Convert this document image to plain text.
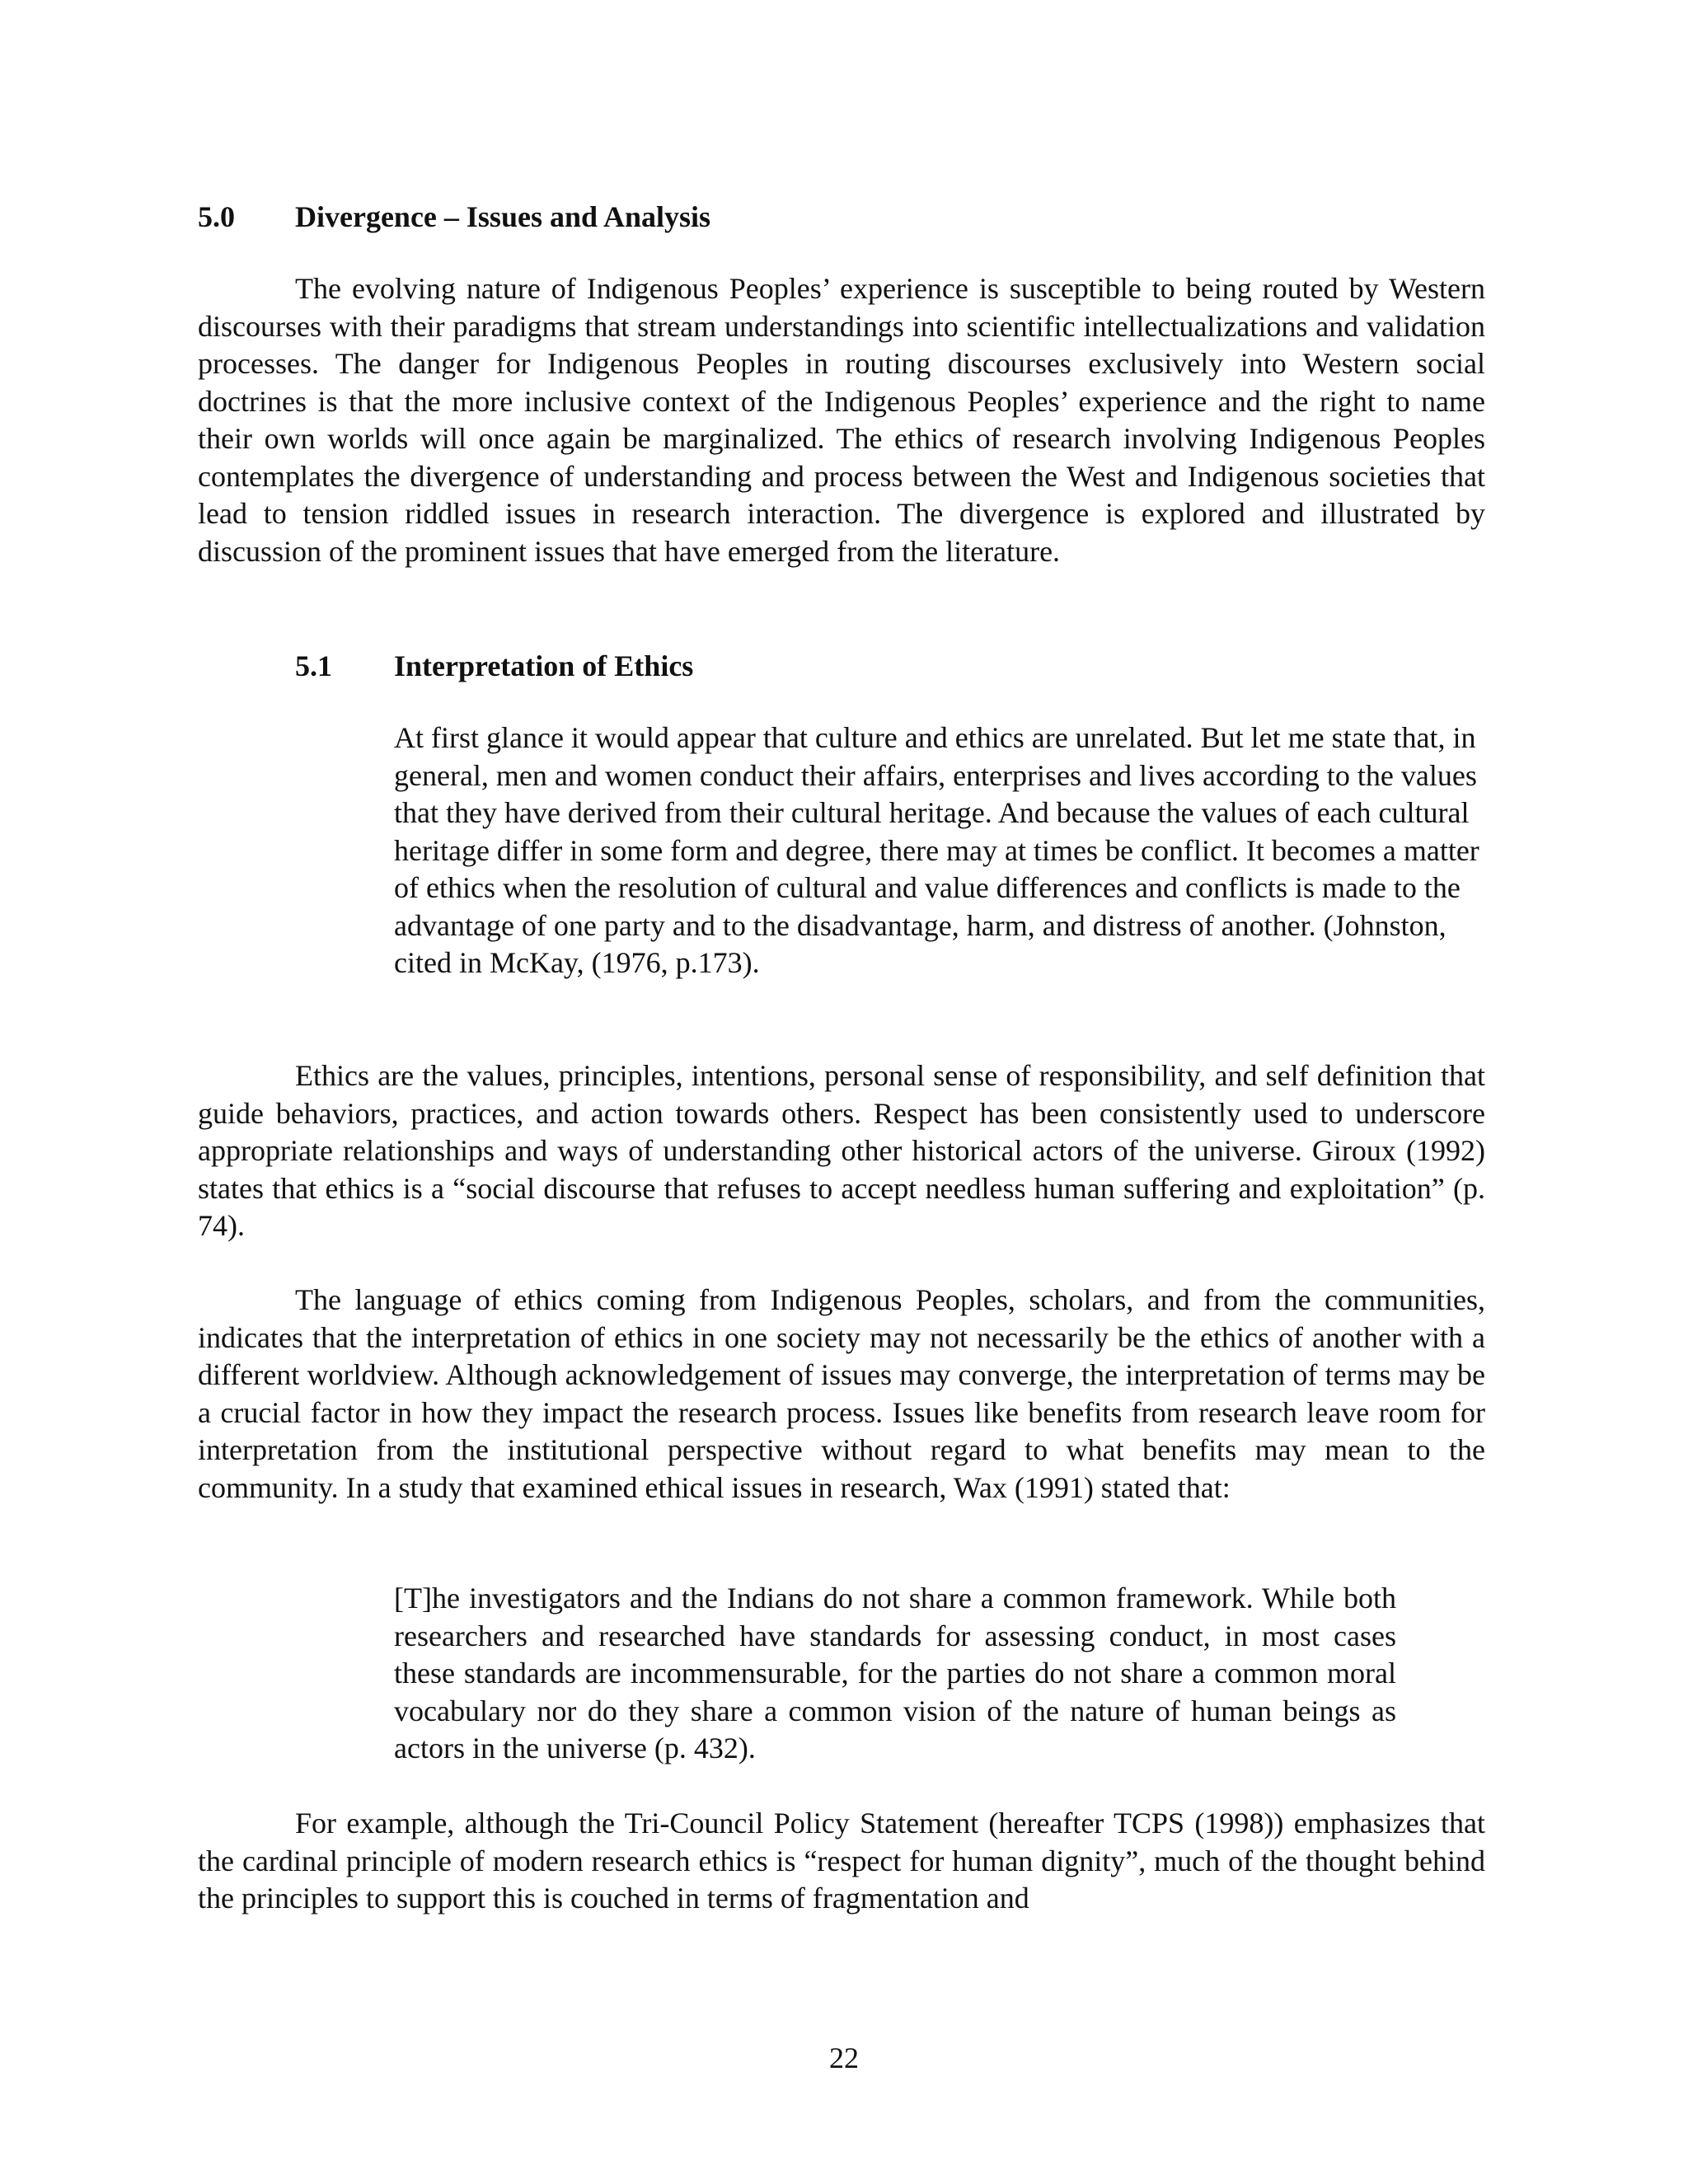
5.0 Divergence – Issues and Analysis

The evolving nature of Indigenous Peoples’ experience is susceptible to being routed by Western discourses with their paradigms that stream understandings into scientific intellectualizations and validation processes. The danger for Indigenous Peoples in routing discourses exclusively into Western social doctrines is that the more inclusive context of the Indigenous Peoples’ experience and the right to name their own worlds will once again be marginalized. The ethics of research involving Indigenous Peoples contemplates the divergence of understanding and process between the West and Indigenous societies that lead to tension riddled issues in research interaction. The divergence is explored and illustrated by discussion of the prominent issues that have emerged from the literature.

5.1 Interpretation of Ethics

At first glance it would appear that culture and ethics are unrelated. But let me state that, in general, men and women conduct their affairs, enterprises and lives according to the values that they have derived from their cultural heritage. And because the values of each cultural heritage differ in some form and degree, there may at times be conflict. It becomes a matter of ethics when the resolution of cultural and value differences and conflicts is made to the advantage of one party and to the disadvantage, harm, and distress of another. (Johnston, cited in McKay, (1976, p.173).

Ethics are the values, principles, intentions, personal sense of responsibility, and self definition that guide behaviors, practices, and action towards others. Respect has been consistently used to underscore appropriate relationships and ways of understanding other historical actors of the universe. Giroux (1992) states that ethics is a “social discourse that refuses to accept needless human suffering and exploitation” (p. 74).

The language of ethics coming from Indigenous Peoples, scholars, and from the communities, indicates that the interpretation of ethics in one society may not necessarily be the ethics of another with a different worldview. Although acknowledgement of issues may converge, the interpretation of terms may be a crucial factor in how they impact the research process. Issues like benefits from research leave room for interpretation from the institutional perspective without regard to what benefits may mean to the community. In a study that examined ethical issues in research, Wax (1991) stated that:

[T]he investigators and the Indians do not share a common framework. While both researchers and researched have standards for assessing conduct, in most cases these standards are incommensurable, for the parties do not share a common moral vocabulary nor do they share a common vision of the nature of human beings as actors in the universe (p. 432).

For example, although the Tri-Council Policy Statement (hereafter TCPS (1998)) emphasizes that the cardinal principle of modern research ethics is “respect for human dignity”, much of the thought behind the principles to support this is couched in terms of fragmentation and

22
